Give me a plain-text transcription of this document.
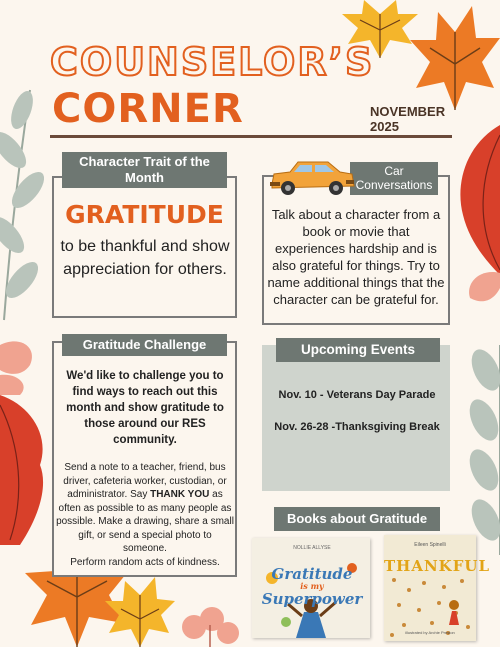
COUNSELOR’S
CORNER	NOVEMBER
2025
Character Trait of the Month
GRATITUDE
to be thankful and show appreciation for others.
Car Conversations
Talk about a character from a book or movie that experiences hardship and is also grateful for things. Try to name additional things that the character can be grateful for.
Gratitude Challenge
We'd like to challenge you to find ways to reach out this month and show gratitude to those around our RES community.
Send a note to a teacher, friend, bus driver, cafeteria worker, custodian, or administrator. Say THANK YOU as often as possible to as many people as possible. Make a drawing, share a small gift, or send a special photo to someone.
Perform random acts of kindness.
Upcoming Events
Nov. 10 - Veterans Day Parade
Nov. 26-28 -Thanksgiving Break
Books about Gratitude
NOLLIE ALLYSE
Gratitude
is my
Superpower
Eileen Spinelli
THANKFUL
illustrated by Archie Preston
